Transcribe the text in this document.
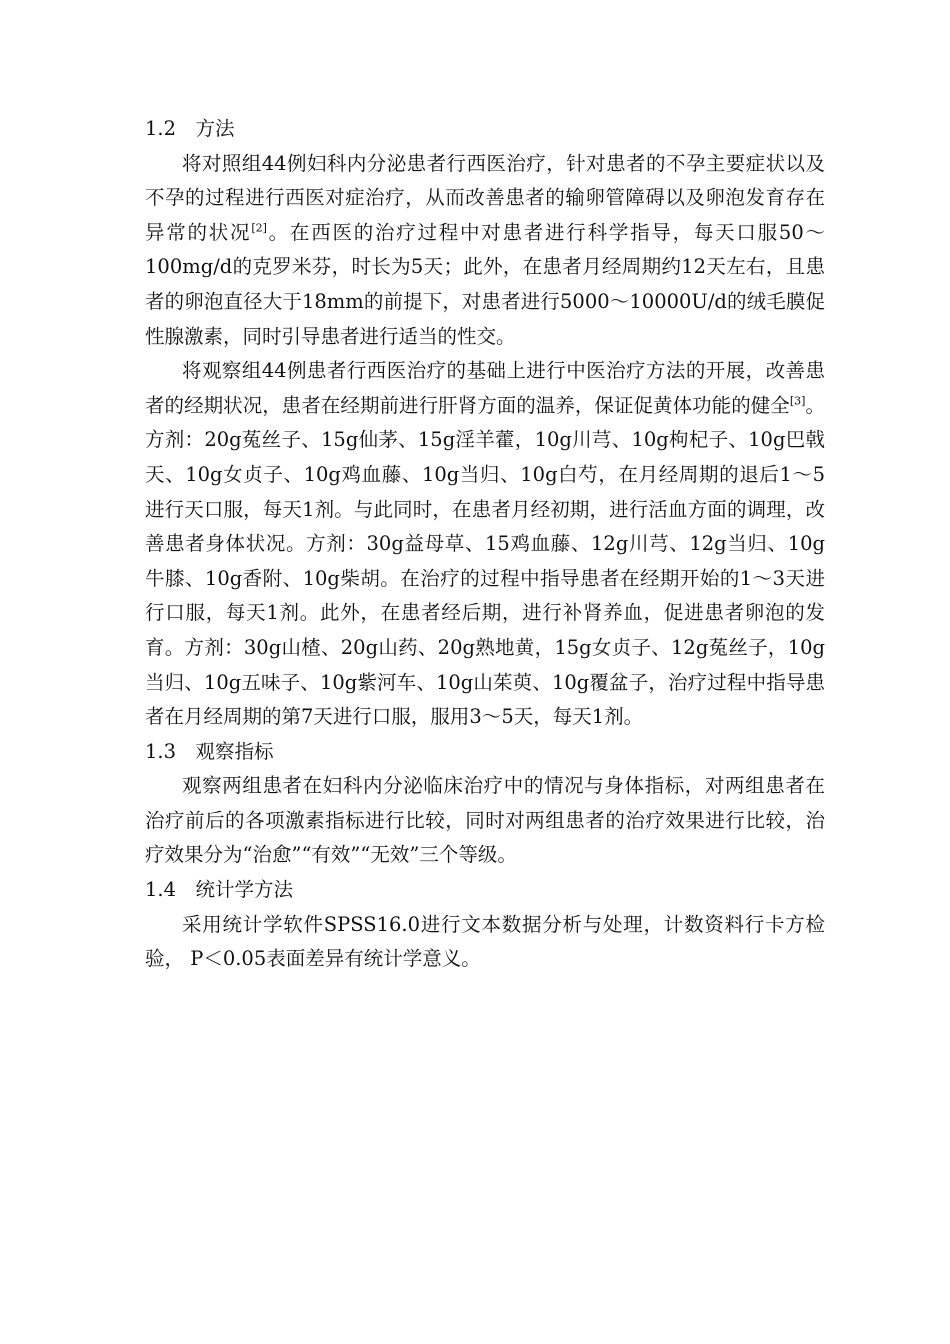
1.2　方法

将对照组44例妇科内分泌患者行西医治疗，针对患者的不孕主要症状以及不孕的过程进行西医对症治疗，从而改善患者的输卵管障碍以及卵泡发育存在异常的状况[2]。在西医的治疗过程中对患者进行科学指导，每天口服50～100mg/d的克罗米芬，时长为5天；此外，在患者月经周期约12天左右，且患者的卵泡直径大于18mm的前提下，对患者进行5000～10000U/d的绒毛膜促性腺激素，同时引导患者进行适当的性交。

将观察组44例患者行西医治疗的基础上进行中医治疗方法的开展，改善患者的经期状况，患者在经期前进行肝肾方面的温养，保证促黄体功能的健全[3]。方剂：20g菟丝子、15g仙茅、15g淫羊藿，10g川芎、10g枸杞子、10g巴戟天、10g女贞子、10g鸡血藤、10g当归、10g白芍，在月经周期的退后1～5进行天口服，每天1剂。与此同时，在患者月经初期，进行活血方面的调理，改善患者身体状况。方剂：30g益母草、15鸡血藤、12g川芎、12g当归、10g牛膝、10g香附、10g柴胡。在治疗的过程中指导患者在经期开始的1～3天进行口服，每天1剂。此外，在患者经后期，进行补肾养血，促进患者卵泡的发育。方剂：30g山楂、20g山药、20g熟地黄，15g女贞子、12g菟丝子，10g当归、10g五味子、10g紫河车、10g山茱萸、10g覆盆子，治疗过程中指导患者在月经周期的第7天进行口服，服用3～5天，每天1剂。

1.3　观察指标

观察两组患者在妇科内分泌临床治疗中的情况与身体指标，对两组患者在治疗前后的各项激素指标进行比较，同时对两组患者的治疗效果进行比较，治疗效果分为“治愈”“有效”“无效”三个等级。

1.4　统计学方法

采用统计学软件SPSS16.0进行文本数据分析与处理，计数资料行卡方检验， P＜0.05表面差异有统计学意义。
